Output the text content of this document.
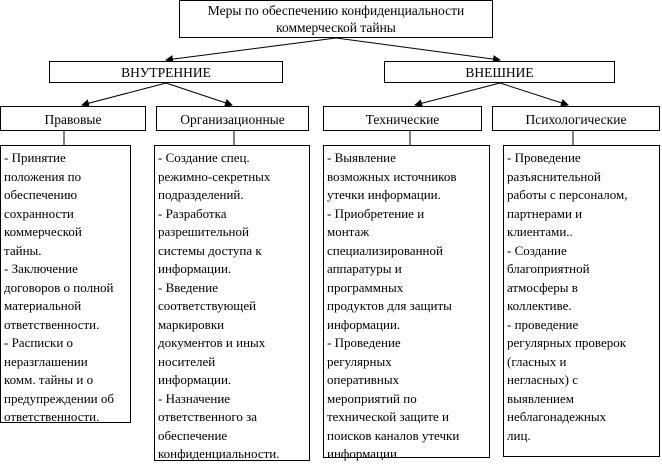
Меры по обеспечению конфиденциальности
коммерческой тайны
ВНУТРЕННИЕ	ВНЕШНИЕ
Правовые	Организационные	Технические	Психологические
- Принятие
положения по
обеспечению
сохранности
коммерческой
тайны.
- Заключение
договоров о полной
материальной
ответственности.
- Расписки о
неразглашении
комм. тайны и о
предупреждении об
ответственности.
- Создание спец.
режимно-секретных
подразделений.
- Разработка
разрешительной
системы доступа к
информации.
- Введение
соответствующей
маркировки
документов и иных
носителей
информации.
- Назначение
ответственного за
обеспечение
конфиденциальности.
- Выявление
возможных источников
утечки информации.
- Приобретение и
монтаж
специализированной
аппаратуры и
программных
продуктов для защиты
информации.
- Проведение
регулярных
оперативных
мероприятий по
технической защите и
поисков каналов утечки
информации
- Проведение
разъяснительной
работы с персоналом,
партнерами и
клиентами..
- Создание
благоприятной
атмосферы в
коллективе.
- проведение
регулярных проверок
(гласных и
негласных) с
выявлением
неблагонадежных
лиц.
